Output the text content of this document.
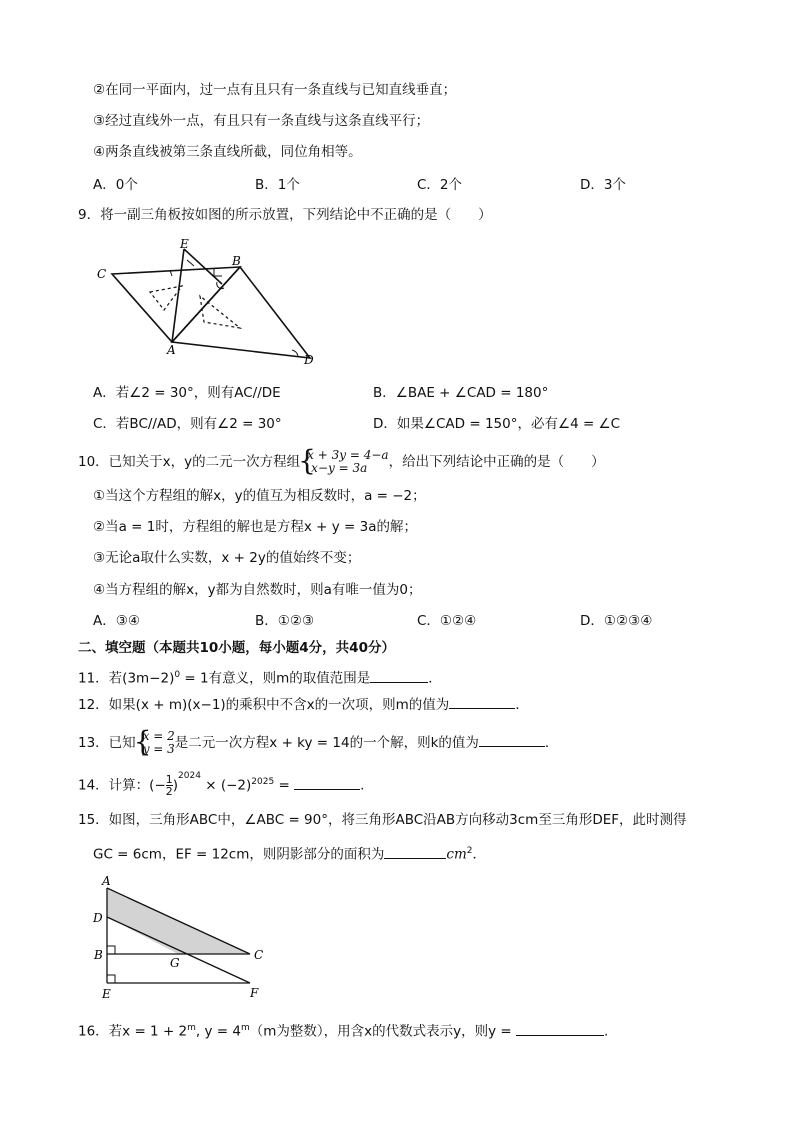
②在同一平面内，过一点有且只有一条直线与已知直线垂直；
③经过直线外一点，有且只有一条直线与这条直线平行；
④两条直线被第三条直线所截，同位角相等。
A．0个	B．1个	C．2个	D．3个
9．将一副三角板按如图的所示放置，下列结论中不正确的是（　　）
E
B
C
A
D
A．若∠2 = 30°，则有AC//DE	B．∠BAE + ∠CAD = 180°
C．若BC//AD，则有∠2 = 30°	D．如果∠CAD = 150°，必有∠4 = ∠C
10．已知关于x，y的二元一次方程组 { x + 3y = 4−a
x−y = 3a	，给出下列结论中正确的是（　　）
①当这个方程组的解x，y的值互为相反数时，a = −2；
②当a = 1时，方程组的解也是方程x + y = 3a的解；
③无论a取什么实数，x + 2y的值始终不变；
④当方程组的解x，y都为自然数时，则a有唯一值为0；
A．③④	B．①②③	C．①②④	D．①②③④
二、填空题（本题共10小题，每小题4分，共40分）
11．若$(3m-2)^0 = 1$有意义，则m的取值范围是	．
12．如果(x + m)(x−1)的乘积中不含x的一次项，则m的值为	．
13．已知 { x = 2
y = 3 是二元一次方程x + ky = 14的一个解，则k的值为	．
14．计算：(− $\frac{1}{2} )^{2024} \times (-2)^{2025}$ =	.
15．如图，三角形ABC中，∠ABC = 90°，将三角形ABC沿AB方向移动3cm至三角形DEF，此时测得
GC = 6cm，EF = 12cm，则阴影部分的面积为	$cm^2$．
A
D
B
G
C
E	F
16．若$x = 1 + 2^m$, $y = 4^m(m$为整数），用含x的代数式表示y，则y =	.
